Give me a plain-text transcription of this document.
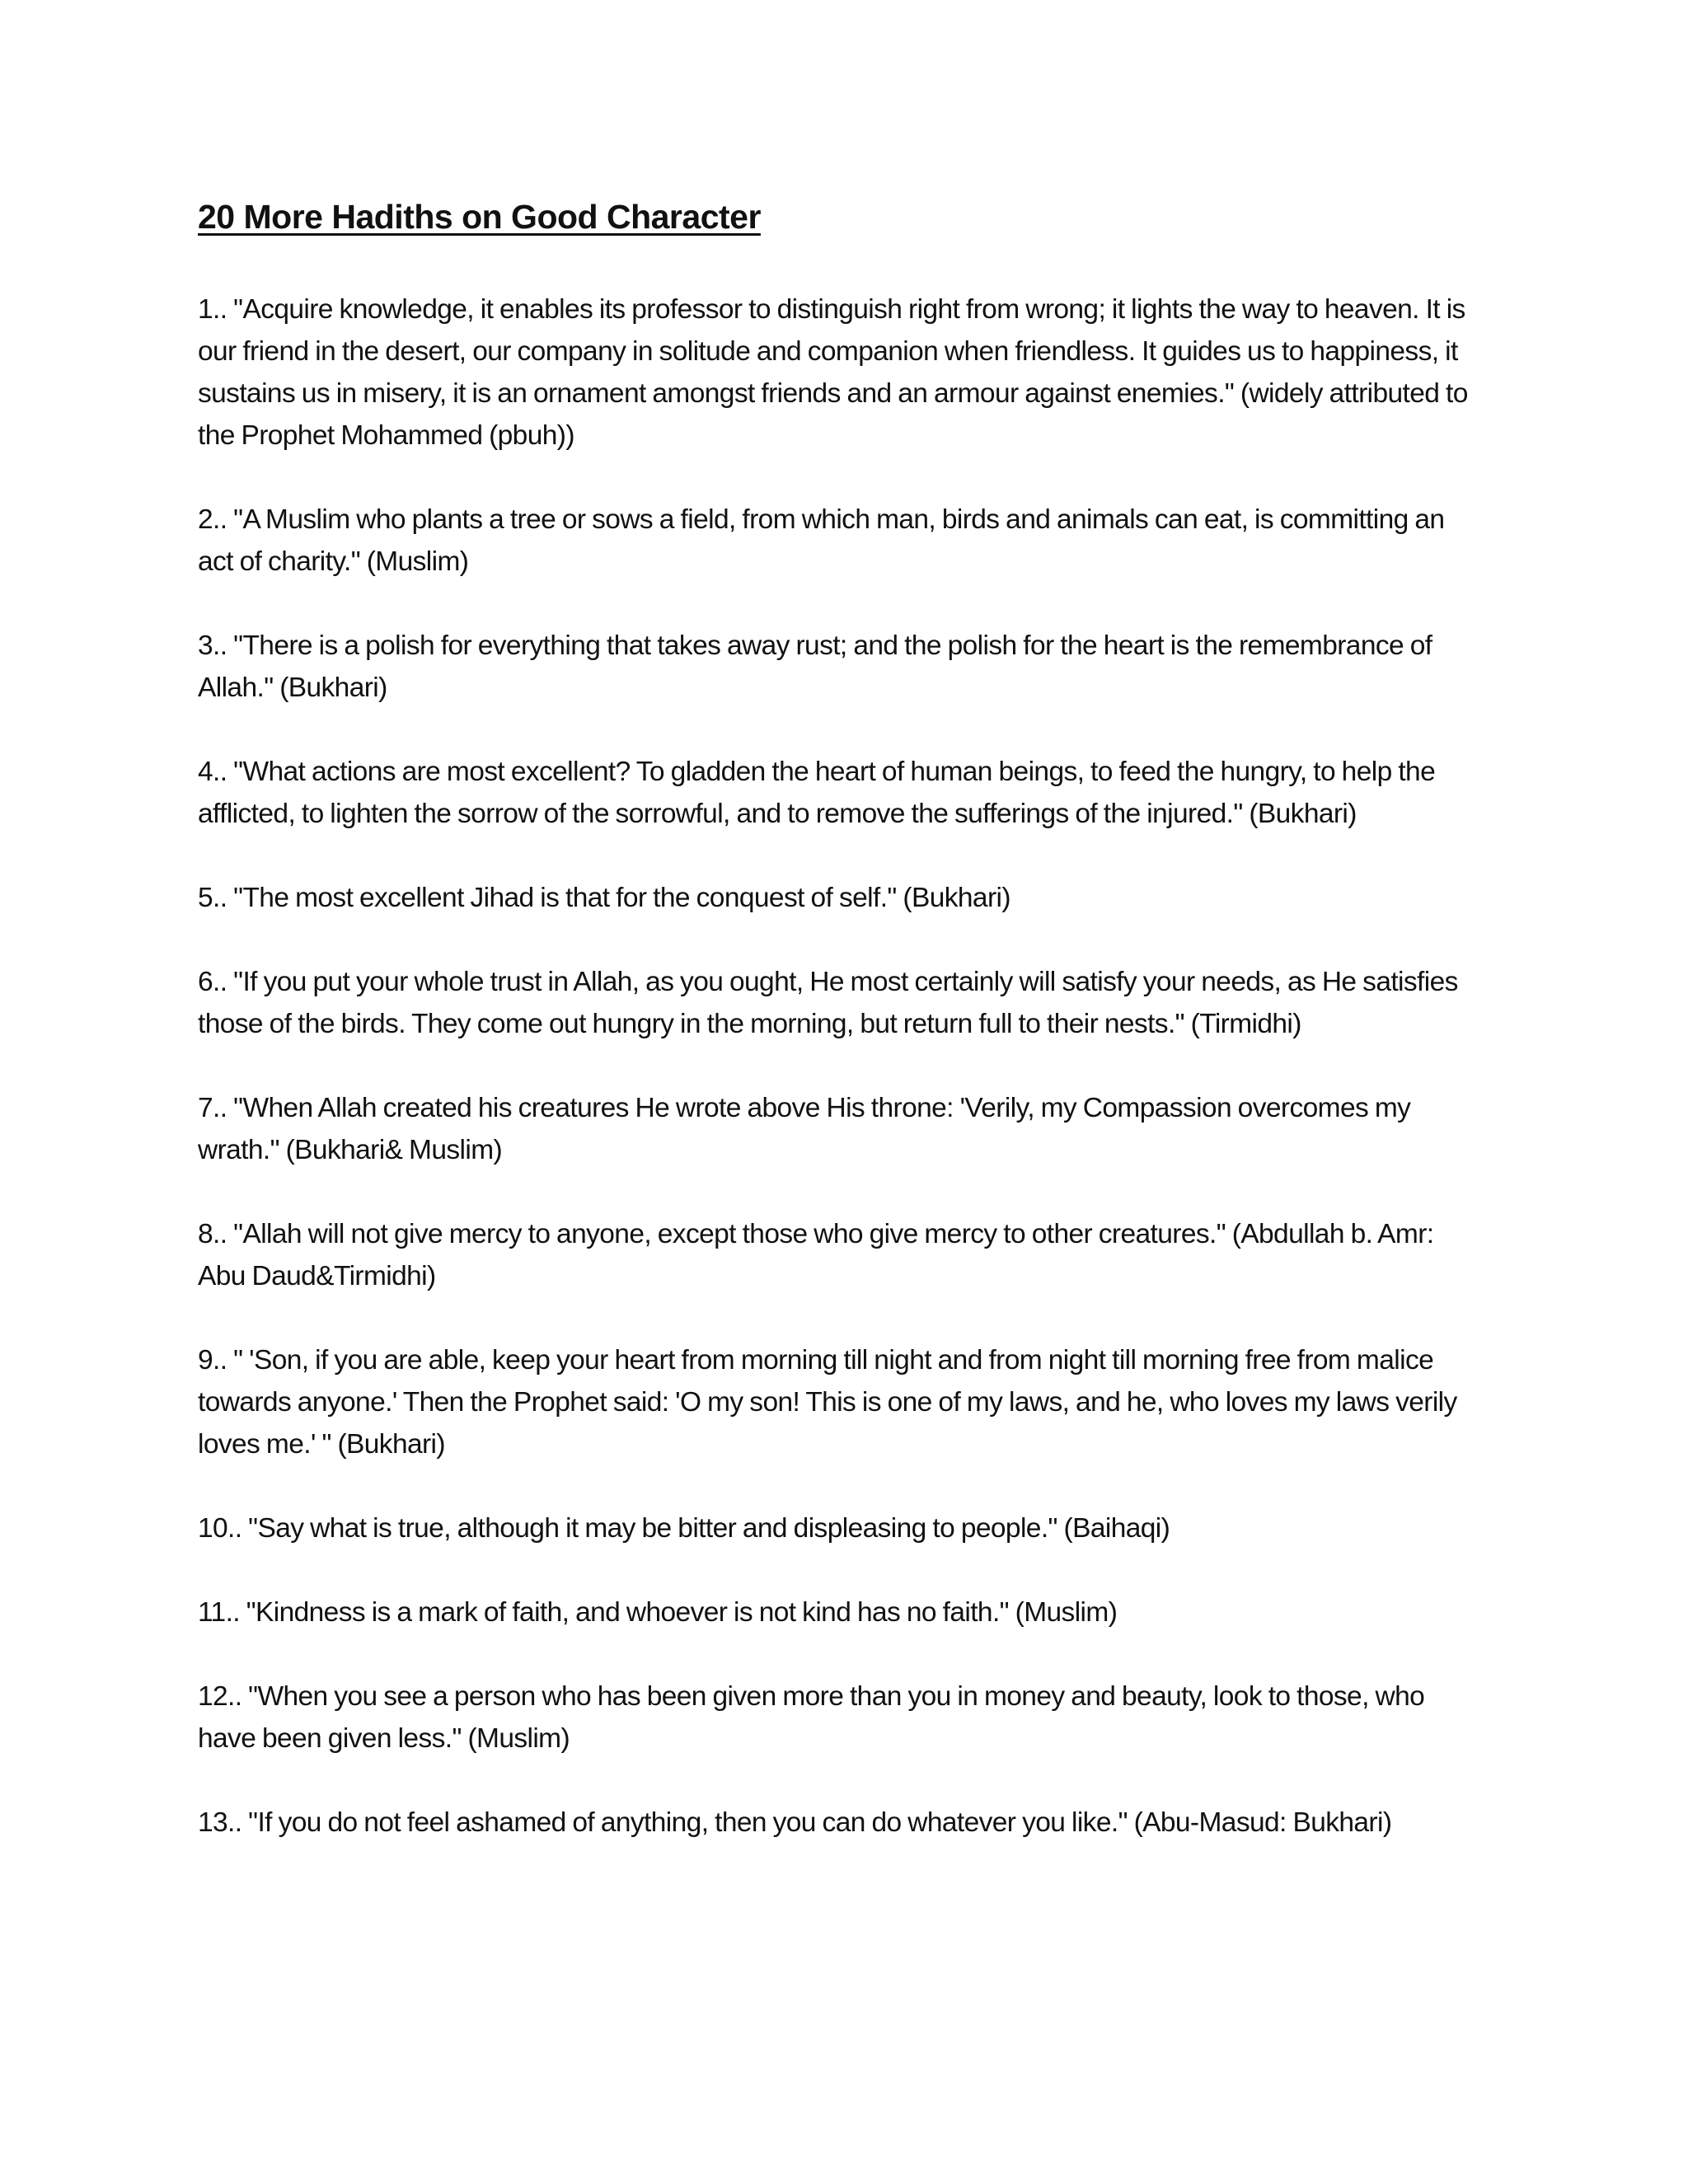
20 More Hadiths on Good Character
1.. "Acquire knowledge, it enables its professor to distinguish right from wrong; it lights the way to heaven. It is our friend in the desert, our company in solitude and companion when friendless. It guides us to happiness, it sustains us in misery, it is an ornament amongst friends and an armour against enemies." (widely attributed to the Prophet Mohammed (pbuh))
2.. "A Muslim who plants a tree or sows a field, from which man, birds and animals can eat, is committing an act of charity." (Muslim)
3.. "There is a polish for everything that takes away rust; and the polish for the heart is the remembrance of Allah." (Bukhari)
4.. "What actions are most excellent? To gladden the heart of human beings, to feed the hungry, to help the afflicted, to lighten the sorrow of the sorrowful, and to remove the sufferings of the injured." (Bukhari)
5.. "The most excellent Jihad is that for the conquest of self." (Bukhari)
6.. "If you put your whole trust in Allah, as you ought, He most certainly will satisfy your needs, as He satisfies those of the birds. They come out hungry in the morning, but return full to their nests." (Tirmidhi)
7.. "When Allah created his creatures He wrote above His throne: 'Verily, my Compassion overcomes my wrath." (Bukhari& Muslim)
8.. "Allah will not give mercy to anyone, except those who give mercy to other creatures." (Abdullah b. Amr: Abu Daud&Tirmidhi)
9.. " 'Son, if you are able, keep your heart from morning till night and from night till morning free from malice towards anyone.' Then the Prophet said: 'O my son! This is one of my laws, and he, who loves my laws verily loves me.' " (Bukhari)
10.. "Say what is true, although it may be bitter and displeasing to people." (Baihaqi)
11.. "Kindness is a mark of faith, and whoever is not kind has no faith." (Muslim)
12.. "When you see a person who has been given more than you in money and beauty, look to those, who have been given less." (Muslim)
13.. "If you do not feel ashamed of anything, then you can do whatever you like." (Abu-Masud: Bukhari)
